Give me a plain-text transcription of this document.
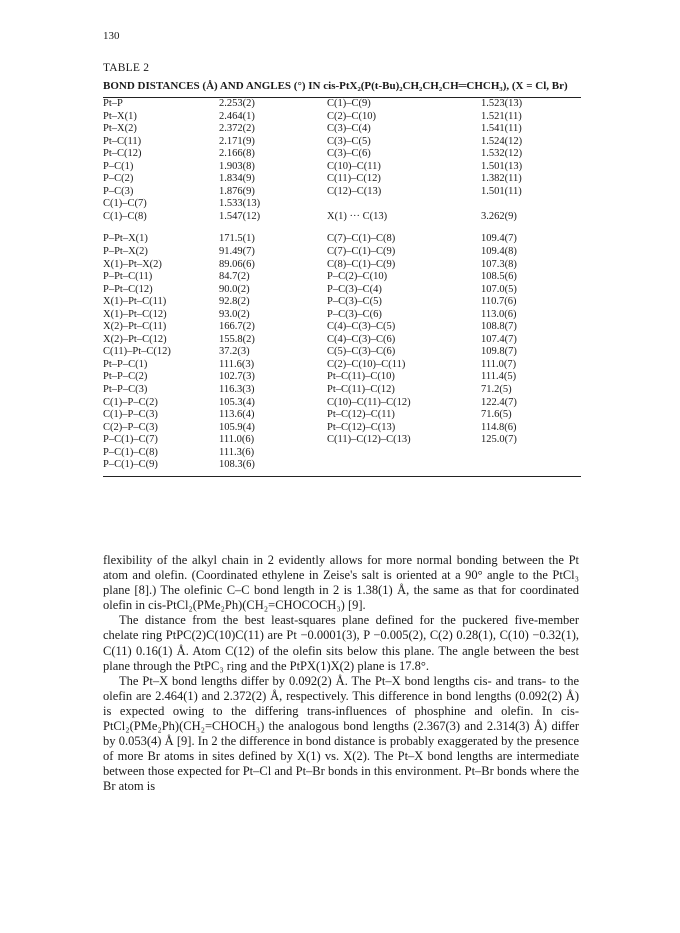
130
TABLE 2
BOND DISTANCES (Å) AND ANGLES (°) IN cis-PtX₂(P(t-Bu)₂CH₂CH₂CH═CHCH₃), (X = Cl, Br)
Pt–P	2.253(2)	C(1)–C(9)	1.523(13)
Pt–X(1)	2.464(1)	C(2)–C(10)	1.521(11)
Pt–X(2)	2.372(2)	C(3)–C(4)	1.541(11)
Pt–C(11)	2.171(9)	C(3)–C(5)	1.524(12)
Pt–C(12)	2.166(8)	C(3)–C(6)	1.532(12)
P–C(1)	1.903(8)	C(10)–C(11)	1.501(13)
P–C(2)	1.834(9)	C(11)–C(12)	1.382(11)
P–C(3)	1.876(9)	C(12)–C(13)	1.501(11)
C(1)–C(7)	1.533(13)		
C(1)–C(8)	1.547(12)	X(1) ··· C(13)	3.262(9)

P–Pt–X(1)	171.5(1)	C(7)–C(1)–C(8)	109.4(7)
P–Pt–X(2)	91.49(7)	C(7)–C(1)–C(9)	109.4(8)
X(1)–Pt–X(2)	89.06(6)	C(8)–C(1)–C(9)	107.3(8)
P–Pt–C(11)	84.7(2)	P–C(2)–C(10)	108.5(6)
P–Pt–C(12)	90.0(2)	P–C(3)–C(4)	107.0(5)
X(1)–Pt–C(11)	92.8(2)	P–C(3)–C(5)	110.7(6)
X(1)–Pt–C(12)	93.0(2)	P–C(3)–C(6)	113.0(6)
X(2)–Pt–C(11)	166.7(2)	C(4)–C(3)–C(5)	108.8(7)
X(2)–Pt–C(12)	155.8(2)	C(4)–C(3)–C(6)	107.4(7)
C(11)–Pt–C(12)	37.2(3)	C(5)–C(3)–C(6)	109.8(7)
Pt–P–C(1)	111.6(3)	C(2)–C(10)–C(11)	111.0(7)
Pt–P–C(2)	102.7(3)	Pt–C(11)–C(10)	111.4(5)
Pt–P–C(3)	116.3(3)	Pt–C(11)–C(12)	71.2(5)
C(1)–P–C(2)	105.3(4)	C(10)–C(11)–C(12)	122.4(7)
C(1)–P–C(3)	113.6(4)	Pt–C(12)–C(11)	71.6(5)
C(2)–P–C(3)	105.9(4)	Pt–C(12)–C(13)	114.8(6)
P–C(1)–C(7)	111.0(6)	C(11)–C(12)–C(13)	125.0(7)
P–C(1)–C(8)	111.3(6)		
P–C(1)–C(9)	108.3(6)		

flexibility of the alkyl chain in 2 evidently allows for more normal bonding between the Pt atom and olefin. (Coordinated ethylene in Zeise's salt is oriented at a 90° angle to the PtCl₃ plane [8].) The olefinic C–C bond length in 2 is 1.38(1) Å, the same as that for coordinated olefin in cis-PtCl₂(PMe₂Ph)(CH₂=CHOCOCH₃) [9].

The distance from the best least-squares plane defined for the puckered five-member chelate ring PtPC(2)C(10)C(11) are Pt −0.0001(3), P −0.005(2), C(2) 0.28(1), C(10) −0.32(1), C(11) 0.16(1) Å. Atom C(12) of the olefin sits below this plane. The angle between the best plane through the PtPC₃ ring and the PtPX(1)X(2) plane is 17.8°.

The Pt–X bond lengths differ by 0.092(2) Å. The Pt–X bond lengths cis- and trans- to the olefin are 2.464(1) and 2.372(2) Å, respectively. This difference in bond lengths (0.092(2) Å) is expected owing to the differing trans-influences of phosphine and olefin. In cis-PtCl₂(PMe₂Ph)(CH₂=CHOCH₃) the analogous bond lengths (2.367(3) and 2.314(3) Å) differ by 0.053(4) Å [9]. In 2 the difference in bond distance is probably exaggerated by the presence of more Br atoms in sites defined by X(1) vs. X(2). The Pt–X bond lengths are intermediate between those expected for Pt–Cl and Pt–Br bonds in this environment. Pt–Br bonds where the Br atom is
